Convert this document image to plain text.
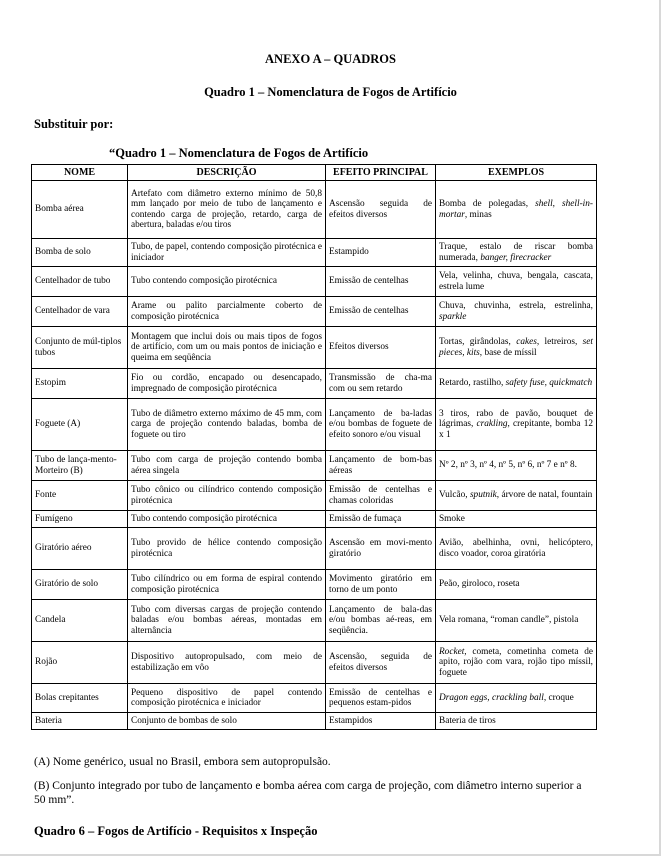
ANEXO A – QUADROS
Quadro 1 – Nomenclatura de Fogos de Artifício
Substituir por:
“Quadro 1 – Nomenclatura de Fogos de Artifício
NOME	DESCRIÇÃO	EFEITO PRINCIPAL	EXEMPLOS
Bomba aérea	Artefato com diâmetro externo mínimo de 50,8 mm lançado por meio de tubo de lançamento e contendo carga de projeção, retardo, carga de abertura, baladas e/ou tiros	Ascensão seguida de efeitos diversos	Bomba de polegadas, shell, shell-in-mortar, minas
Bomba de solo	Tubo, de papel, contendo composição pirotécnica e iniciador	Estampido	Traque, estalo de riscar bomba numerada, banger, firecracker
Centelhador de tubo	Tubo contendo composição pirotécnica	Emissão de centelhas	Vela, velinha, chuva, bengala, cascata, estrela lume
Centelhador de vara	Arame ou palito parcialmente coberto de composição pirotécnica	Emissão de centelhas	Chuva, chuvinha, estrela, estrelinha, sparkle
Conjunto de múl-tiplos tubos	Montagem que inclui dois ou mais tipos de fogos de artifício, com um ou mais pontos de iniciação e queima em seqüência	Efeitos diversos	Tortas, girândolas, cakes, letreiros, set pieces, kits, base de míssil
Estopim	Fio ou cordão, encapado ou desencapado, impregnado de composição pirotécnica	Transmissão de cha-ma com ou sem retardo	Retardo, rastilho, safety fuse, quickmatch
Foguete (A)	Tubo de diâmetro externo máximo de 45 mm, com carga de projeção contendo baladas, bomba de foguete ou tiro	Lançamento de ba-ladas e/ou bombas de foguete de efeito sonoro e/ou visual	3 tiros, rabo de pavão, bouquet de lágrimas, crakling, crepitante, bomba 12 x 1
Tubo de lança-mento-Morteiro (B)	Tubo com carga de projeção contendo bomba aérea singela	Lançamento de bom-bas aéreas	Nº 2, nº 3, nº 4, nº 5, nº 6, nº 7 e nº 8.
Fonte	Tubo cônico ou cilíndrico contendo composição pirotécnica	Emissão de centelhas e chamas coloridas	Vulcão, sputnik, árvore de natal, fountain
Fumígeno	Tubo contendo composição pirotécnica	Emissão de fumaça	Smoke
Giratório aéreo	Tubo provido de hélice contendo composição pirotécnica	Ascensão em movi-mento giratório	Avião, abelhinha, ovni, helicóptero, disco voador, coroa giratória
Giratório de solo	Tubo cilíndrico ou em forma de espiral contendo composição pirotécnica	Movimento giratório em torno de um ponto	Peão, giroloco, roseta
Candela	Tubo com diversas cargas de projeção contendo baladas e/ou bombas aéreas, montadas em alternância	Lançamento de bala-das e/ou bombas aé-reas, em seqüência.	Vela romana, “roman candle”, pistola
Rojão	Dispositivo autopropulsado, com meio de estabilização em vôo	Ascensão, seguida de efeitos diversos	Rocket, cometa, cometinha cometa de apito, rojão com vara, rojão tipo míssil, foguete
Bolas crepitantes	Pequeno dispositivo de papel contendo composição pirotécnica e iniciador	Emissão de centelhas e pequenos estam-pidos	Dragon eggs, crackling ball, croque
Bateria	Conjunto de bombas de solo	Estampidos	Bateria de tiros
(A) Nome genérico, usual no Brasil, embora sem autopropulsão.
(B) Conjunto integrado por tubo de lançamento e bomba aérea com carga de projeção, com diâmetro interno superior a 50 mm”.
Quadro 6 – Fogos de Artifício - Requisitos x Inspeção
